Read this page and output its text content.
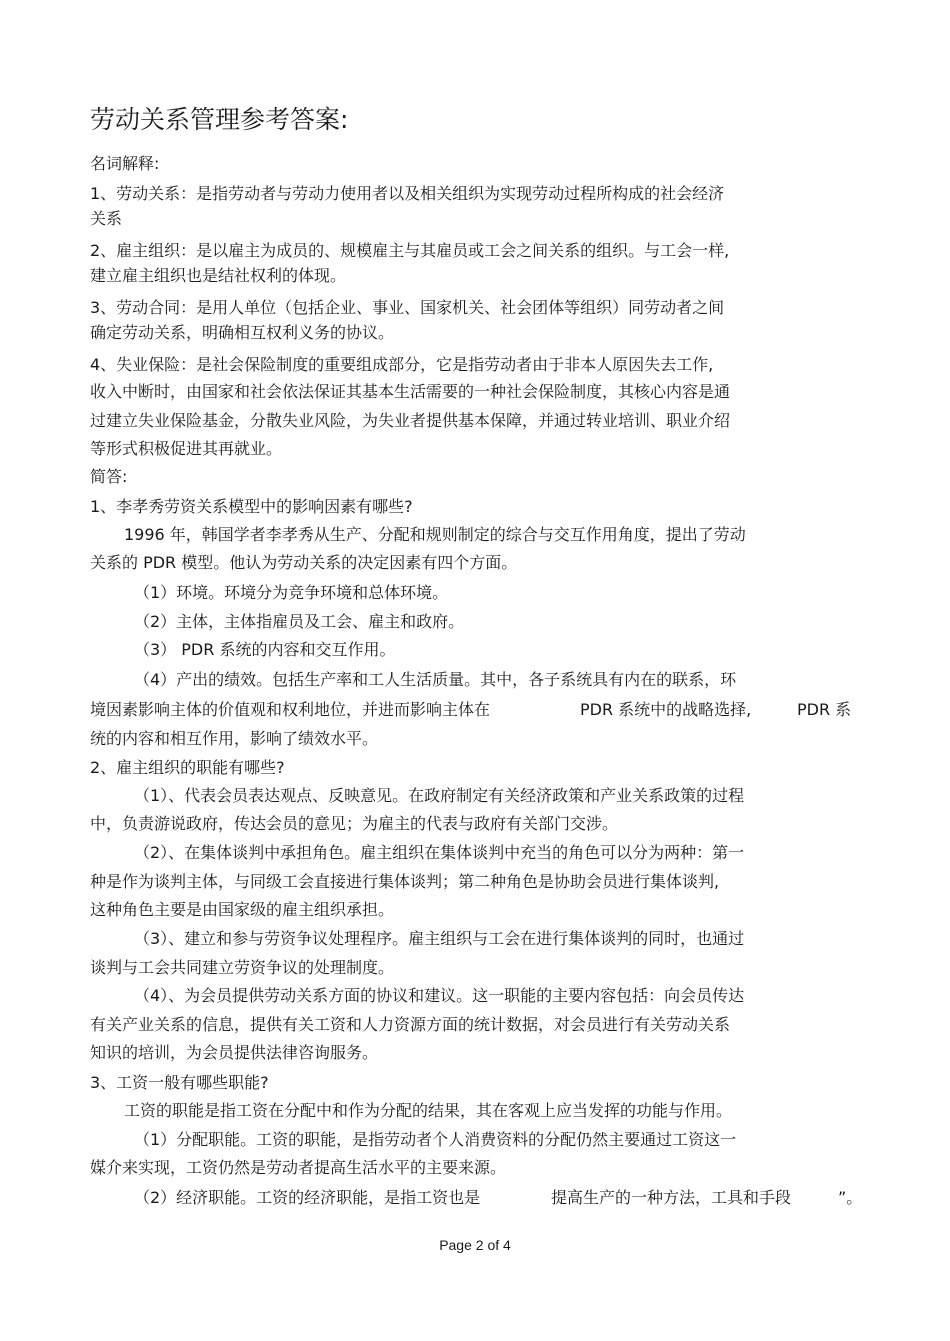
劳动关系管理参考答案:
名词解释:
1、劳动关系：是指劳动者与劳动力使用者以及相关组织为实现劳动过程所构成的社会经济
关系
2、雇主组织：是以雇主为成员的、规模雇主与其雇员或工会之间关系的组织。与工会一样,
建立雇主组织也是结社权利的体现。
3、劳动合同：是用人单位（包括企业、事业、国家机关、社会团体等组织）同劳动者之间
确定劳动关系，明确相互权利义务的协议。
4、失业保险：是社会保险制度的重要组成部分，它是指劳动者由于非本人原因失去工作,
收入中断时，由国家和社会依法保证其基本生活需要的一种社会保险制度，其核心内容是通
过建立失业保险基金，分散失业风险，为失业者提供基本保障，并通过转业培训、职业介绍
等形式积极促进其再就业。
简答:
1、李孝秀劳资关系模型中的影响因素有哪些?
1996 年，韩国学者李孝秀从生产、分配和规则制定的综合与交互作用角度，提出了劳动
关系的 PDR 模型。他认为劳动关系的决定因素有四个方面。
（1）环境。环境分为竞争环境和总体环境。
（2）主体，主体指雇员及工会、雇主和政府。
（3） PDR 系统的内容和交互作用。
（4）产出的绩效。包括生产率和工人生活质量。其中，各子系统具有内在的联系，环
境因素影响主体的价值观和权利地位，并进而影响主体在	PDR 系统中的战略选择,	PDR 系
统的内容和相互作用，影响了绩效水平。
2、雇主组织的职能有哪些?
（1）、代表会员表达观点、反映意见。在政府制定有关经济政策和产业关系政策的过程
中，负责游说政府，传达会员的意见；为雇主的代表与政府有关部门交涉。
（2）、在集体谈判中承担角色。雇主组织在集体谈判中充当的角色可以分为两种：第一
种是作为谈判主体，与同级工会直接进行集体谈判；第二种角色是协助会员进行集体谈判,
这种角色主要是由国家级的雇主组织承担。
（3）、建立和参与劳资争议处理程序。雇主组织与工会在进行集体谈判的同时，也通过
谈判与工会共同建立劳资争议的处理制度。
（4）、为会员提供劳动关系方面的协议和建议。这一职能的主要内容包括：向会员传达
有关产业关系的信息，提供有关工资和人力资源方面的统计数据，对会员进行有关劳动关系
知识的培训，为会员提供法律咨询服务。
3、工资一般有哪些职能?
工资的职能是指工资在分配中和作为分配的结果，其在客观上应当发挥的功能与作用。
（1）分配职能。工资的职能，是指劳动者个人消费资料的分配仍然主要通过工资这一
媒介来实现，工资仍然是劳动者提高生活水平的主要来源。
（2）经济职能。工资的经济职能，是指工资也是	提高生产的一种方法，工具和手段	”。
Page 2 of 4
